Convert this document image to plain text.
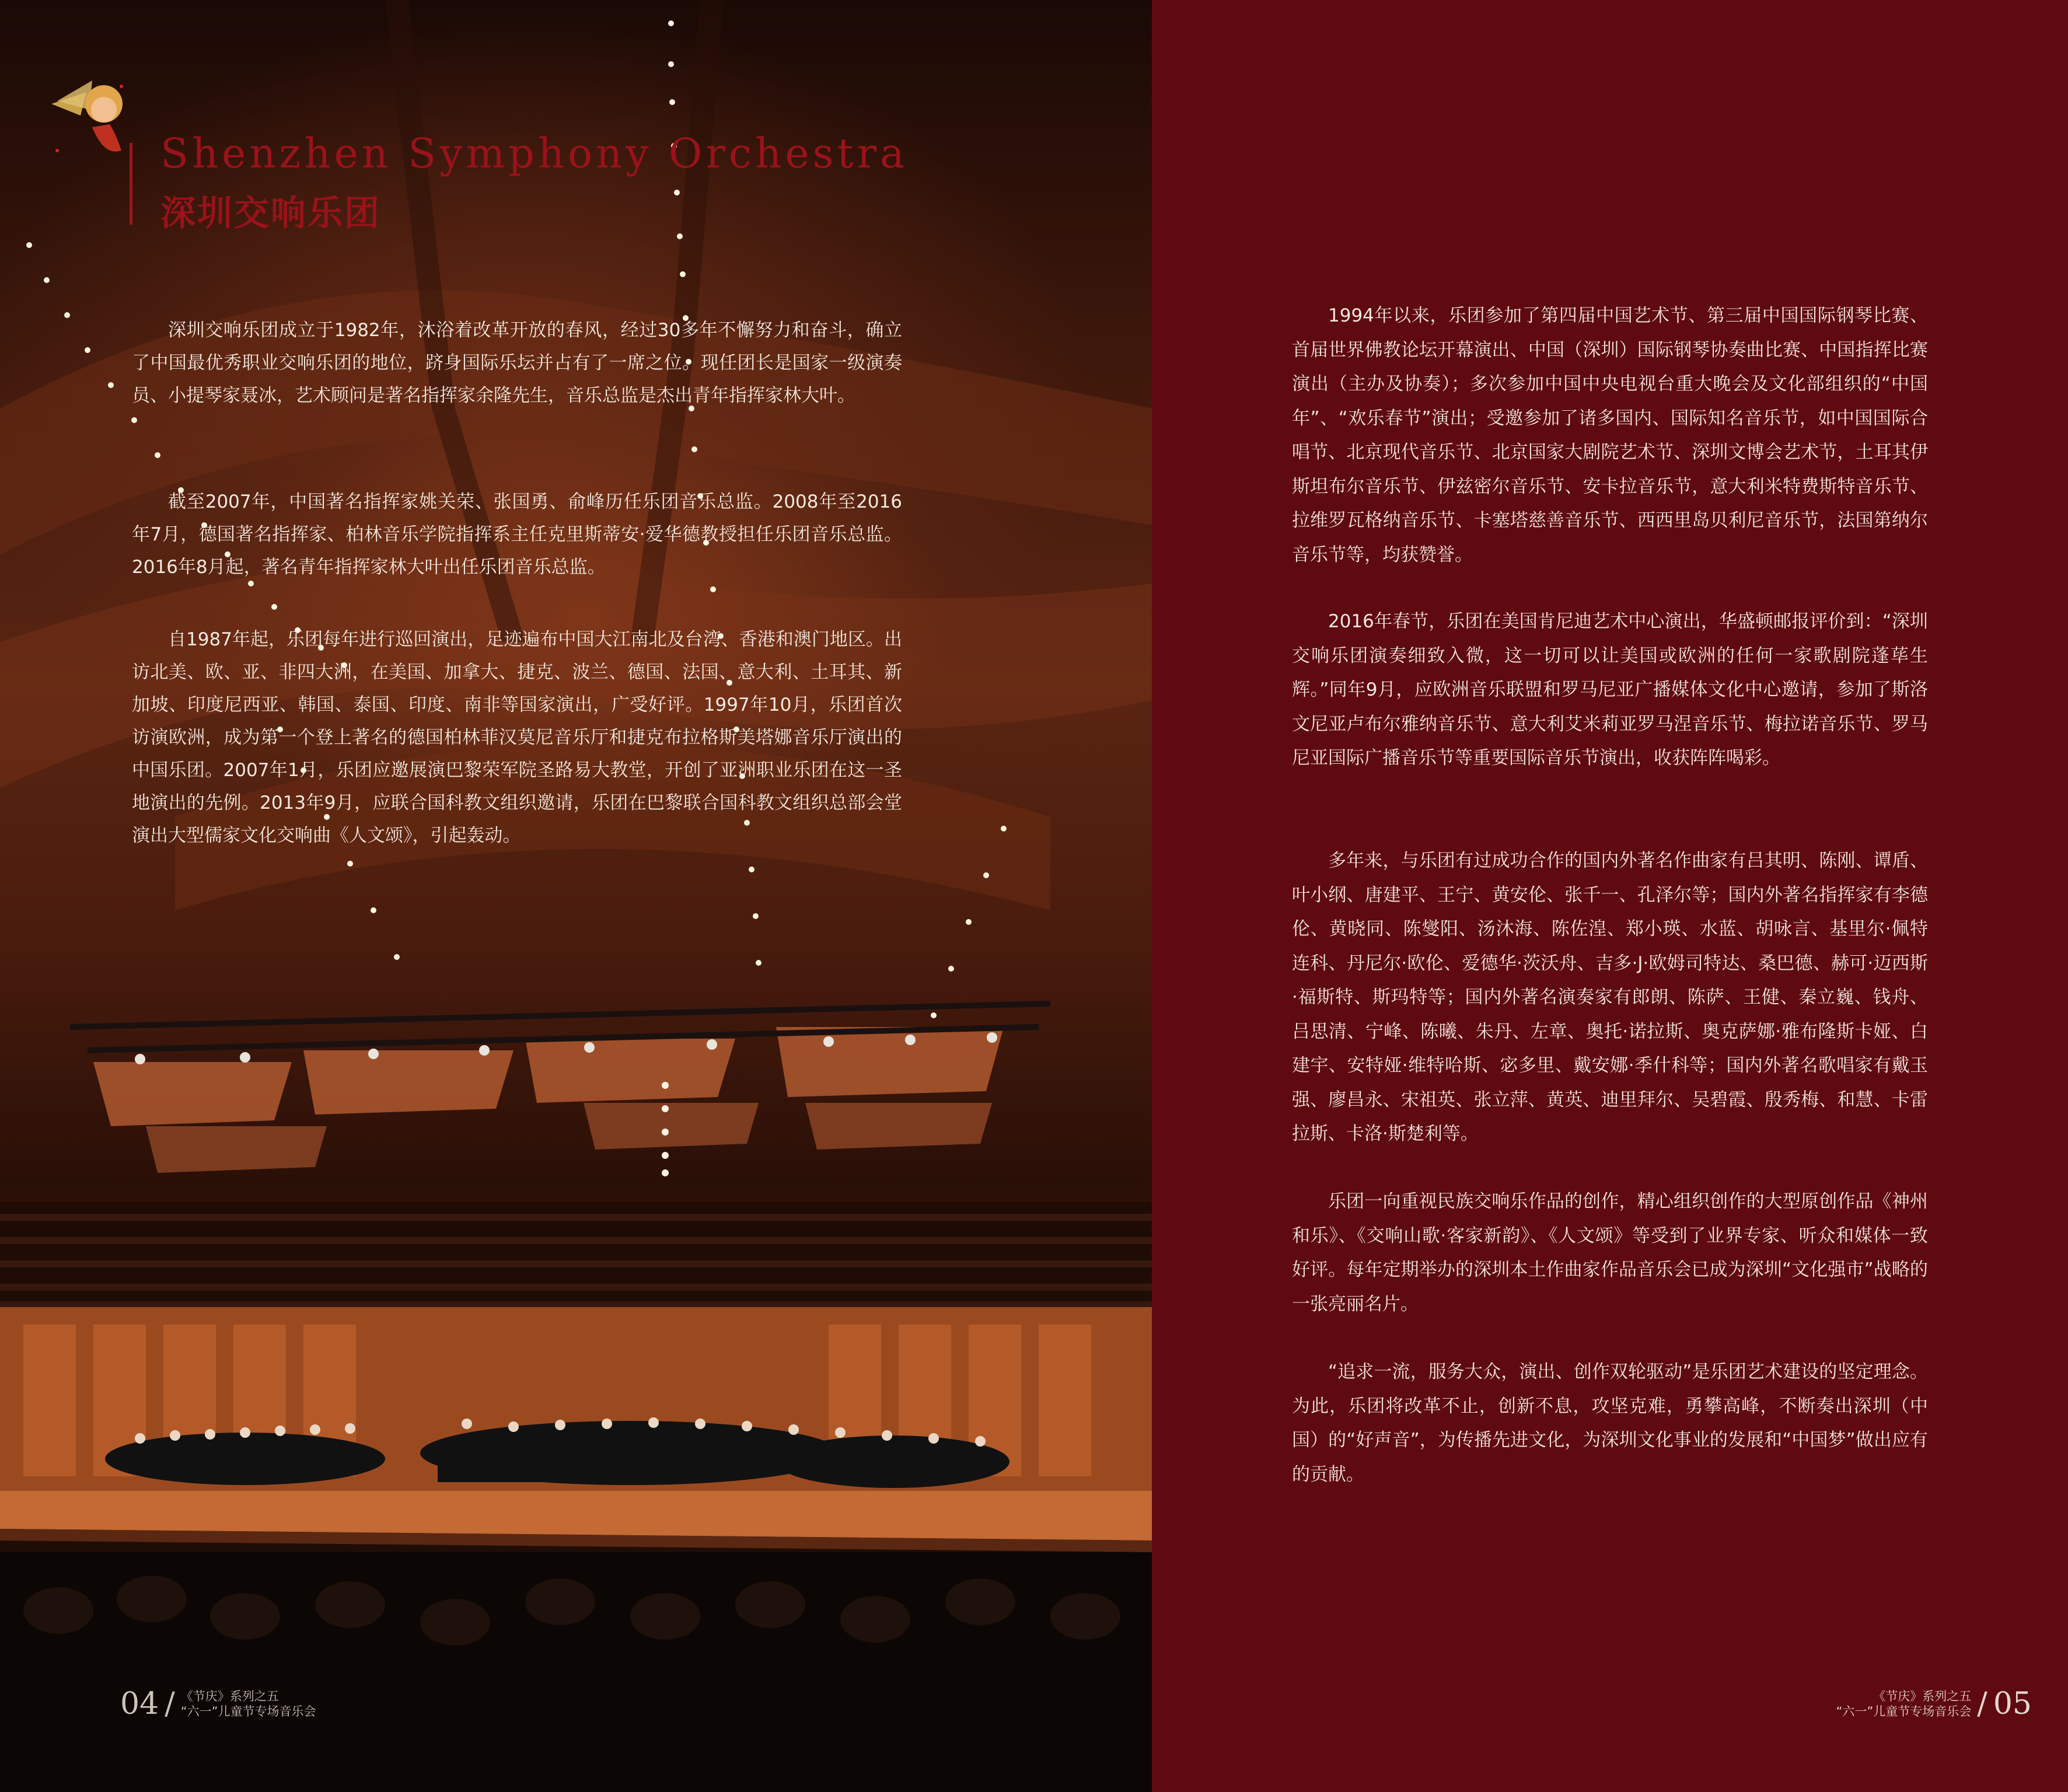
Shenzhen Symphony Orchestra
深圳交响乐团

深圳交响乐团成立于1982年，沐浴着改革开放的春风，经过30多年不懈努力和奋斗，确立了中国最优秀职业交响乐团的地位，跻身国际乐坛并占有了一席之位。现任团长是国家一级演奏员、小提琴家聂冰，艺术顾问是著名指挥家余隆先生，音乐总监是杰出青年指挥家林大叶。

截至2007年，中国著名指挥家姚关荣、张国勇、俞峰历任乐团音乐总监。2008年至2016年7月，德国著名指挥家、柏林音乐学院指挥系主任克里斯蒂安·爱华德教授担任乐团音乐总监。2016年8月起，著名青年指挥家林大叶出任乐团音乐总监。

自1987年起，乐团每年进行巡回演出，足迹遍布中国大江南北及台湾、香港和澳门地区。出访北美、欧、亚、非四大洲，在美国、加拿大、捷克、波兰、德国、法国、意大利、土耳其、新加坡、印度尼西亚、韩国、泰国、印度、南非等国家演出，广受好评。1997年10月，乐团首次访演欧洲，成为第一个登上著名的德国柏林菲汉莫尼音乐厅和捷克布拉格斯美塔娜音乐厅演出的中国乐团。2007年1月，乐团应邀展演巴黎荣军院圣路易大教堂，开创了亚洲职业乐团在这一圣地演出的先例。2013年9月，应联合国科教文组织邀请，乐团在巴黎联合国科教文组织总部会堂演出大型儒家文化交响曲《人文颂》，引起轰动。

04 / 《节庆》系列之五
“六一”儿童节专场音乐会

1994年以来，乐团参加了第四届中国艺术节、第三届中国国际钢琴比赛、首届世界佛教论坛开幕演出、中国（深圳）国际钢琴协奏曲比赛、中国指挥比赛演出（主办及协奏）；多次参加中国中央电视台重大晚会及文化部组织的“中国年”、“欢乐春节”演出；受邀参加了诸多国内、国际知名音乐节，如中国国际合唱节、北京现代音乐节、北京国家大剧院艺术节、深圳文博会艺术节，土耳其伊斯坦布尔音乐节、伊兹密尔音乐节、安卡拉音乐节，意大利米特费斯特音乐节、拉维罗瓦格纳音乐节、卡塞塔慈善音乐节、西西里岛贝利尼音乐节，法国第纳尔音乐节等，均获赞誉。

2016年春节，乐团在美国肯尼迪艺术中心演出，华盛顿邮报评价到：“深圳交响乐团演奏细致入微，这一切可以让美国或欧洲的任何一家歌剧院蓬荜生辉。”同年9月，应欧洲音乐联盟和罗马尼亚广播媒体文化中心邀请，参加了斯洛文尼亚卢布尔雅纳音乐节、意大利艾米莉亚罗马涅音乐节、梅拉诺音乐节、罗马尼亚国际广播音乐节等重要国际音乐节演出，收获阵阵喝彩。

多年来，与乐团有过成功合作的国内外著名作曲家有吕其明、陈刚、谭盾、叶小纲、唐建平、王宁、黄安伦、张千一、孔泽尔等；国内外著名指挥家有李德伦、黄晓同、陈燮阳、汤沐海、陈佐湟、郑小瑛、水蓝、胡咏言、基里尔·佩特连科、丹尼尔·欧伦、爱德华·茨沃舟、吉多·J·欧姆司特达、桑巴德、赫可·迈西斯·福斯特、斯玛特等；国内外著名演奏家有郎朗、陈萨、王健、秦立巍、钱舟、吕思清、宁峰、陈曦、朱丹、左章、奥托·诺拉斯、奥克萨娜·雅布隆斯卡娅、白建宇、安特娅·维特哈斯、宓多里、戴安娜·季什科等；国内外著名歌唱家有戴玉强、廖昌永、宋祖英、张立萍、黄英、迪里拜尔、吴碧霞、殷秀梅、和慧、卡雷拉斯、卡洛·斯楚利等。

乐团一向重视民族交响乐作品的创作，精心组织创作的大型原创作品《神州和乐》、《交响山歌·客家新韵》、《人文颂》等受到了业界专家、听众和媒体一致好评。每年定期举办的深圳本土作曲家作品音乐会已成为深圳“文化强市”战略的一张亮丽名片。

“追求一流，服务大众，演出、创作双轮驱动”是乐团艺术建设的坚定理念。为此，乐团将改革不止，创新不息，攻坚克难，勇攀高峰，不断奏出深圳（中国）的“好声音”，为传播先进文化，为深圳文化事业的发展和“中国梦”做出应有的贡献。

《节庆》系列之五
“六一”儿童节专场音乐会 / 05
